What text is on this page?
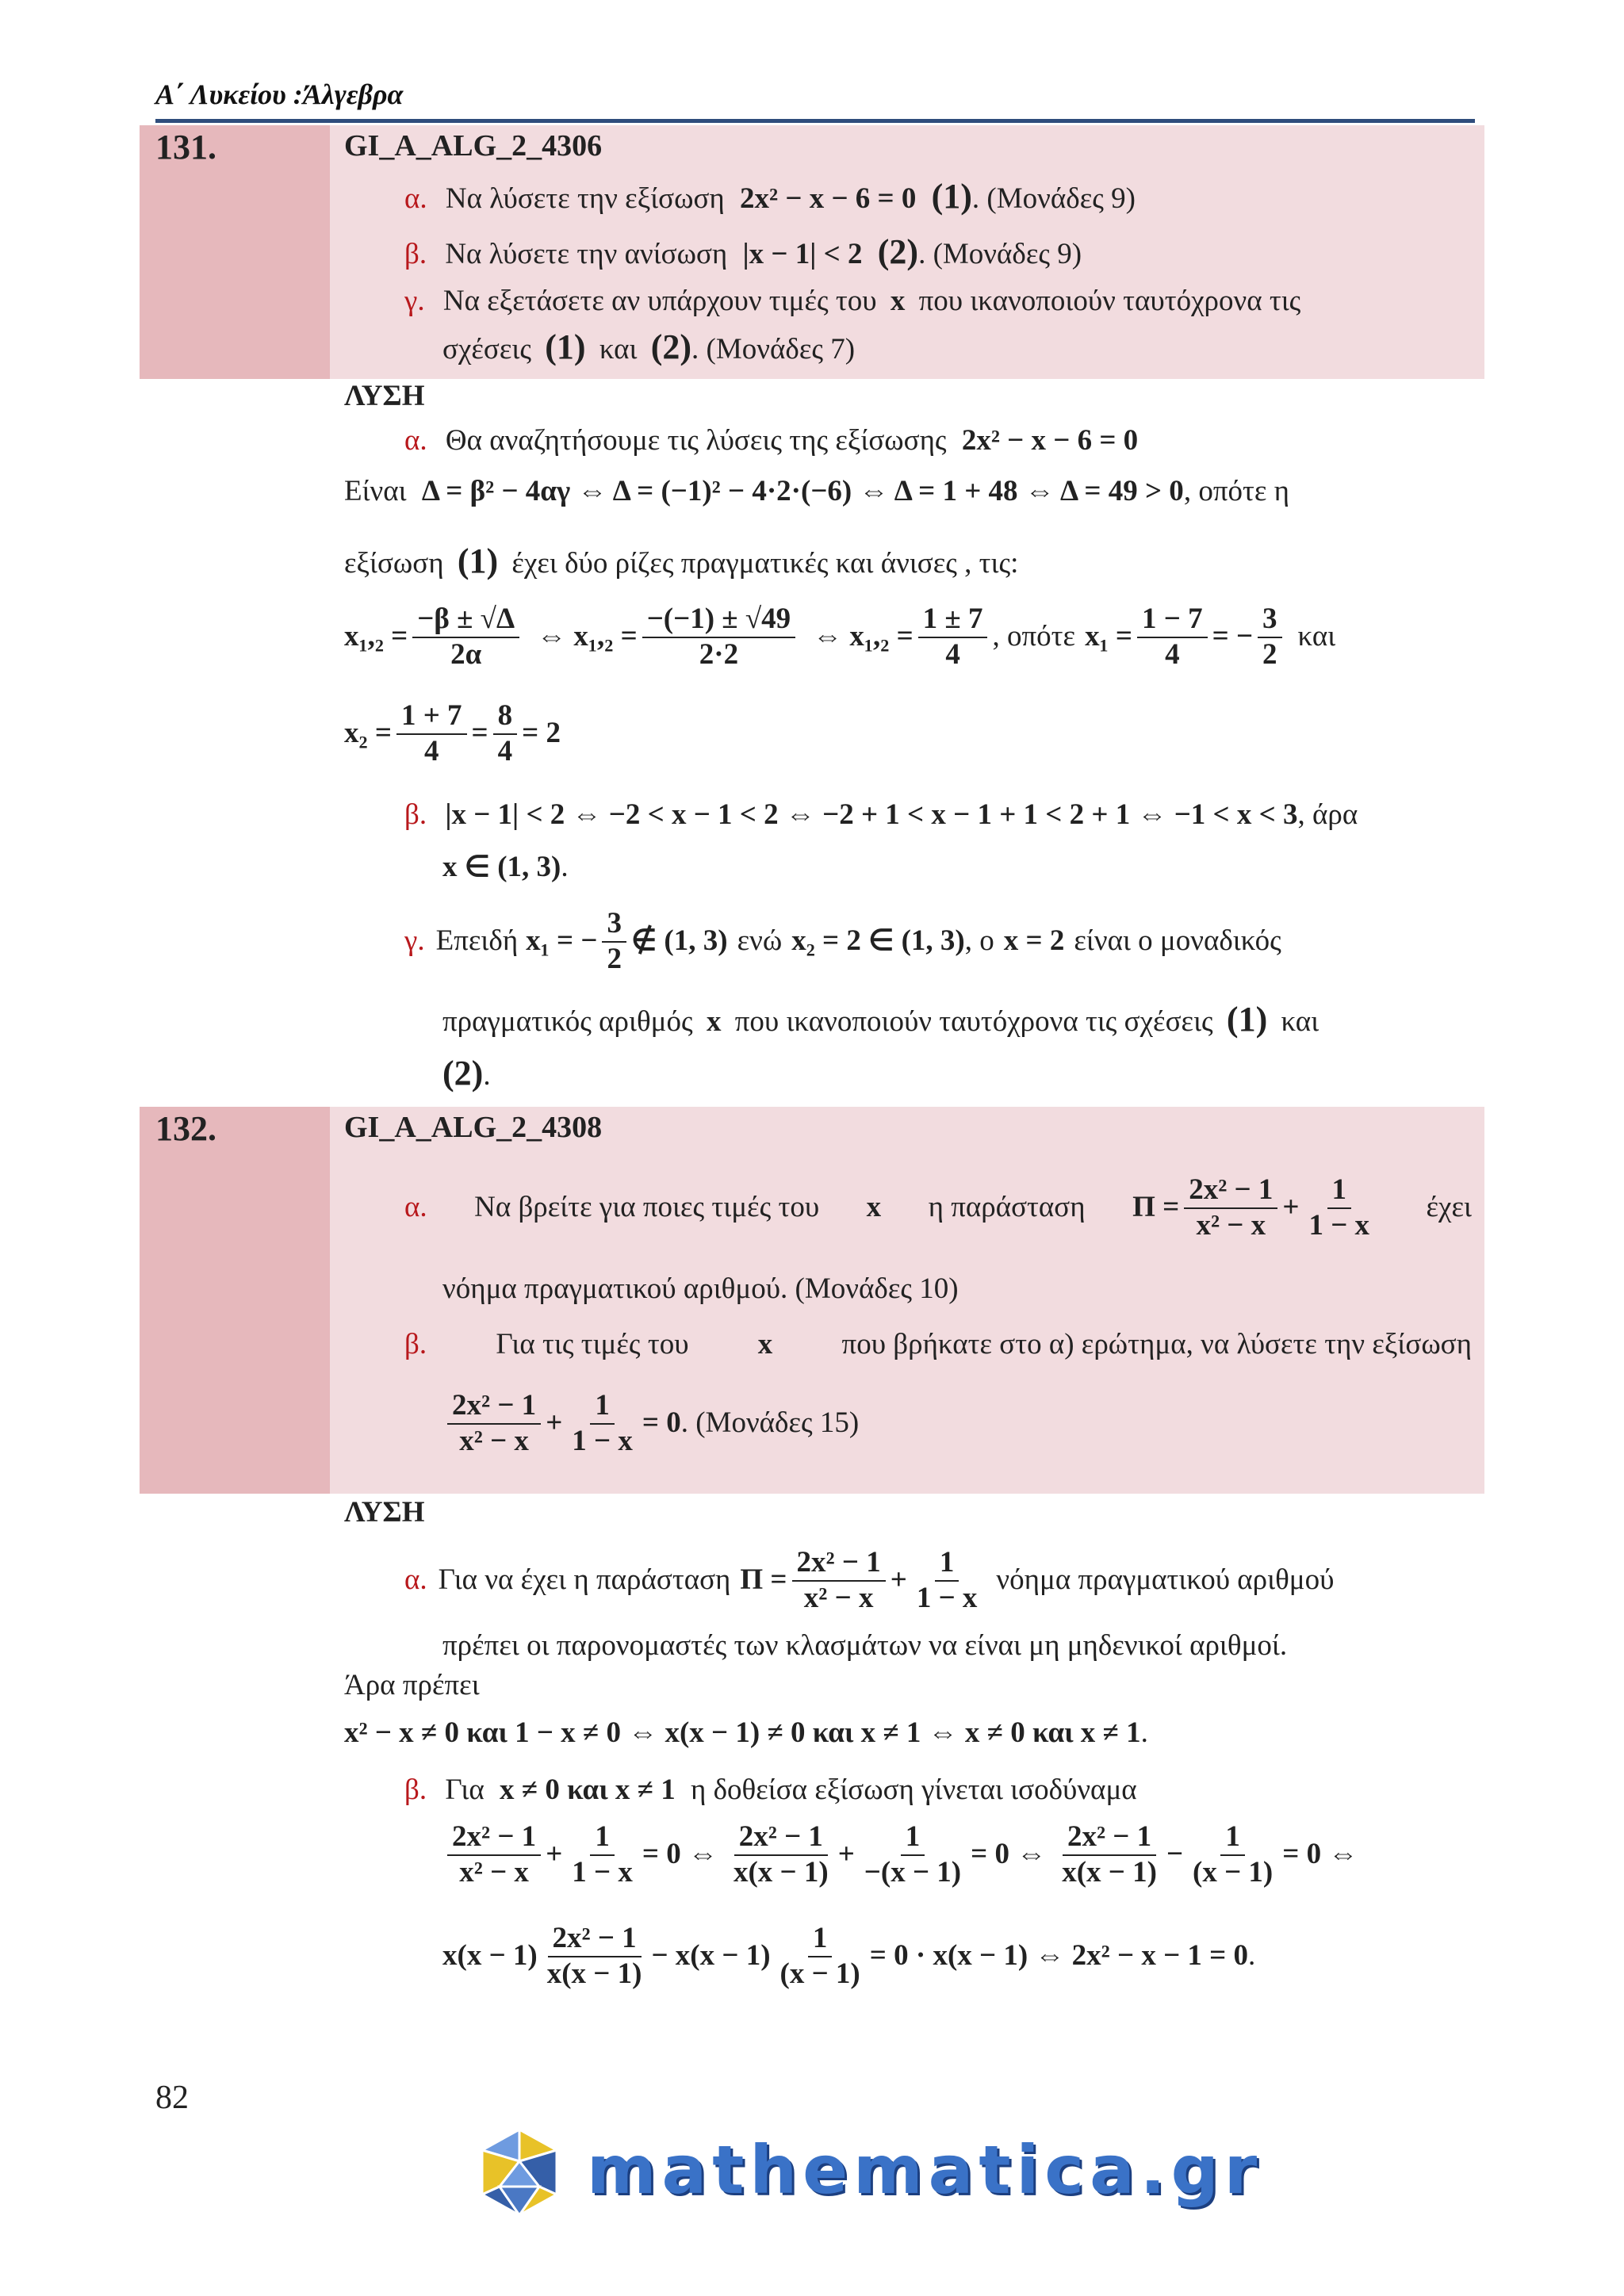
Α΄ Λυκείου :Άλγεβρα
131.	GI_A_ALG_2_4306
α. Να λύσετε την εξίσωση 2x² − x − 6 = 0 (1). (Μονάδες 9)
β. Να λύσετε την ανίσωση |x − 1| < 2 (2). (Μονάδες 9)
γ. Να εξετάσετε αν υπάρχουν τιμές του x που ικανοποιούν ταυτόχρονα τις
σχέσεις (1) και (2). (Μονάδες 7)
ΛΥΣΗ
α. Θα αναζητήσουμε τις λύσεις της εξίσωσης 2x² − x − 6 = 0
Είναι Δ = β² − 4αγ ⇔ Δ = (−1)² − 4·2·(−6) ⇔ Δ = 1 + 48 ⇔ Δ = 49 > 0, οπότε η
εξίσωση (1) έχει δύο ρίζες πραγματικές και άνισες , τις:
$x_1,_2 = \frac{-\beta \pm √\Delta}{2\alpha}$ ⇔ $x_1,_2 = \frac{-(-1) \pm √49}{2\cdot 2}$ ⇔ $x_1,_2 = \frac{1 \pm 7}{4}$ , οπότε $x_1 = \frac{1 - 7}{4}$ = − $\frac{3}{2}$ και
$x_2 = \frac{1 + 7}{4} = \frac{8}{4} = 2$
β. |x − 1| < 2 ⇔ −2 < x − 1 < 2 ⇔ −2 + 1 < x − 1 + 1 < 2 + 1 ⇔ −1 < x < 3, άρα
x ∈ (1, 3).
γ. Επειδή x₁ = − $\frac{3}{2}$ ∉ (1, 3) ενώ x₂ = 2 ∈ (1, 3) , ο x = 2 είναι ο μοναδικός
πραγματικός αριθμός x που ικανοποιούν ταυτόχρονα τις σχέσεις (1) και
(2).
132.	GI_A_ALG_2_4308
α. Να βρείτε για ποιες τιμές του x η παράσταση $\Pi = \frac{\text{2x² − 1}}{\text{x² − x}} + \frac{1}{1 - x}$ έχει
νόημα πραγματικού αριθμού. (Μονάδες 10)
β. Για τις τιμές του x που βρήκατε στο α) ερώτημα, να λύσετε την εξίσωση
$\frac{\text{2x² − 1}}{\text{x² − x}} + \frac{1}{1 - x} = 0$ . (Μονάδες 15)
ΛΥΣΗ
α. Για να έχει η παράσταση $\Pi = \frac{\text{2x² − 1}}{\text{x² − x}} + \frac{1}{1 - x}$ νόημα πραγματικού αριθμού
πρέπει οι παρονομαστές των κλασμάτων να είναι μη μηδενικοί αριθμοί.
Άρα πρέπει
x² − x ≠ 0 και 1 − x ≠ 0 ⇔ x(x − 1) ≠ 0 και x ≠ 1 ⇔ x ≠ 0 και x ≠ 1.
β. Για x ≠ 0 και x ≠ 1 η δοθείσα εξίσωση γίνεται ισοδύναμα
$\frac{\text{2x² − 1}}{\text{x² − x}} + \frac{1}{1 - x} = 0$ ⇔ $\frac{\text{2x² − 1}}{x(x - 1)} + \frac{1}{-(x - 1)} = 0$ ⇔ $\frac{\text{2x² − 1}}{x(x - 1)} - \frac{1}{(x - 1)} = 0$ ⇔
$x(x - 1) \frac{\text{2x² − 1}}{x(x - 1)} - x(x - 1) \frac{1}{(x - 1)} = 0 \cdot x(x - 1)$ ⇔ 2x² − x − 1 = 0 .
82
mathematica.gr
